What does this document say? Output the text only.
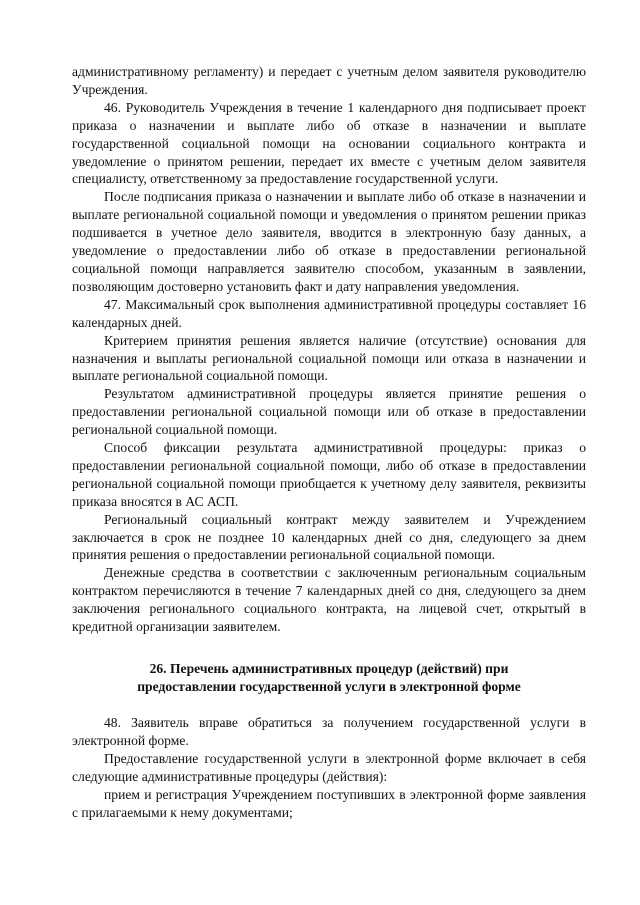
административному регламенту) и передает с учетным делом заявителя руководителю Учреждения.

46. Руководитель Учреждения в течение 1 календарного дня подписывает проект приказа о назначении и выплате либо об отказе в назначении и выплате государственной социальной помощи на основании социального контракта и уведомление о принятом решении, передает их вместе с учетным делом заявителя специалисту, ответственному за предоставление государственной услуги.

После подписания приказа о назначении и выплате либо об отказе в назначении и выплате региональной социальной помощи и уведомления о принятом решении приказ подшивается в учетное дело заявителя, вводится в электронную базу данных, а уведомление о предоставлении либо об отказе в предоставлении региональной социальной помощи направляется заявителю способом, указанным в заявлении, позволяющим достоверно установить факт и дату направления уведомления.

47. Максимальный срок выполнения административной процедуры составляет 16 календарных дней.

Критерием принятия решения является наличие (отсутствие) основания для назначения и выплаты региональной социальной помощи или отказа в назначении и выплате региональной социальной помощи.

Результатом административной процедуры является принятие решения о предоставлении региональной социальной помощи или об отказе в предоставлении региональной социальной помощи.

Способ фиксации результата административной процедуры: приказ о предоставлении региональной социальной помощи, либо об отказе в предоставлении региональной социальной помощи приобщается к учетному делу заявителя, реквизиты приказа вносятся в АС АСП.

Региональный социальный контракт между заявителем и Учреждением заключается в срок не позднее 10 календарных дней со дня, следующего за днем принятия решения о предоставлении региональной социальной помощи.

Денежные средства в соответствии с заключенным региональным социальным контрактом перечисляются в течение 7 календарных дней со дня, следующего за днем заключения регионального социального контракта, на лицевой счет, открытый в кредитной организации заявителем.

26. Перечень административных процедур (действий) при
предоставлении государственной услуги в электронной форме

48. Заявитель вправе обратиться за получением государственной услуги в электронной форме.

Предоставление государственной услуги в электронной форме включает в себя следующие административные процедуры (действия):

прием и регистрация Учреждением поступивших в электронной форме заявления с прилагаемыми к нему документами;
